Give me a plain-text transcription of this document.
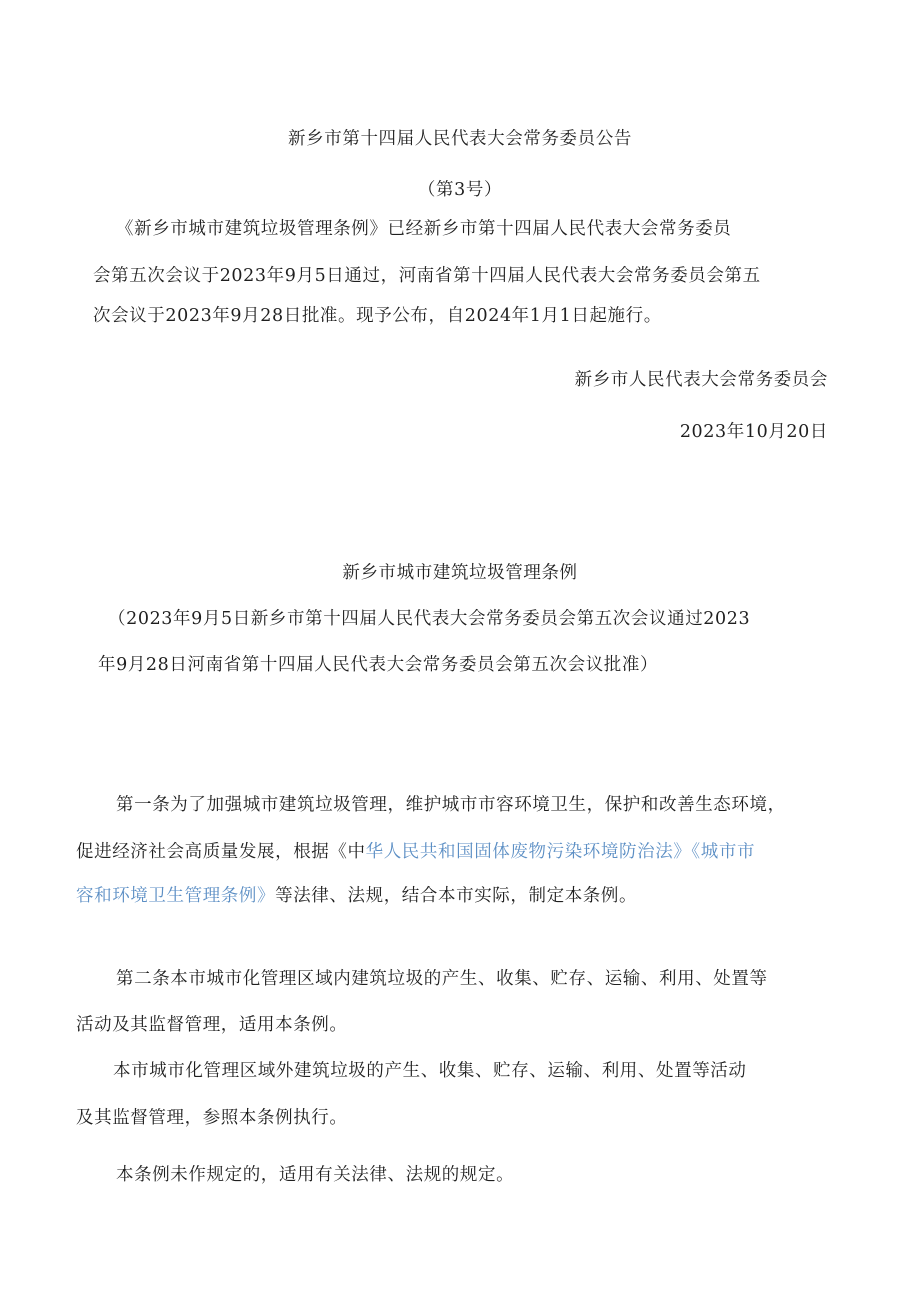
新乡市第十四届人民代表大会常务委员公告
（第3号）
《新乡市城市建筑垃圾管理条例》已经新乡市第十四届人民代表大会常务委员
会第五次会议于2023年9月5日通过，河南省第十四届人民代表大会常务委员会第五
次会议于2023年9月28日批准。现予公布，自2024年1月1日起施行。
新乡市人民代表大会常务委员会
2023年10月20日
新乡市城市建筑垃圾管理条例
（2023年9月5日新乡市第十四届人民代表大会常务委员会第五次会议通过2023
年9月28日河南省第十四届人民代表大会常务委员会第五次会议批准）
第一条为了加强城市建筑垃圾管理，维护城市市容环境卫生，保护和改善生态环境，
促进经济社会高质量发展，根据《中华人民共和国固体废物污染环境防治法》《城市市
容和环境卫生管理条例》等法律、法规，结合本市实际，制定本条例。
第二条本市城市化管理区域内建筑垃圾的产生、收集、贮存、运输、利用、处置等
活动及其监督管理，适用本条例。
本市城市化管理区域外建筑垃圾的产生、收集、贮存、运输、利用、处置等活动
及其监督管理，参照本条例执行。
本条例未作规定的，适用有关法律、法规的规定。
